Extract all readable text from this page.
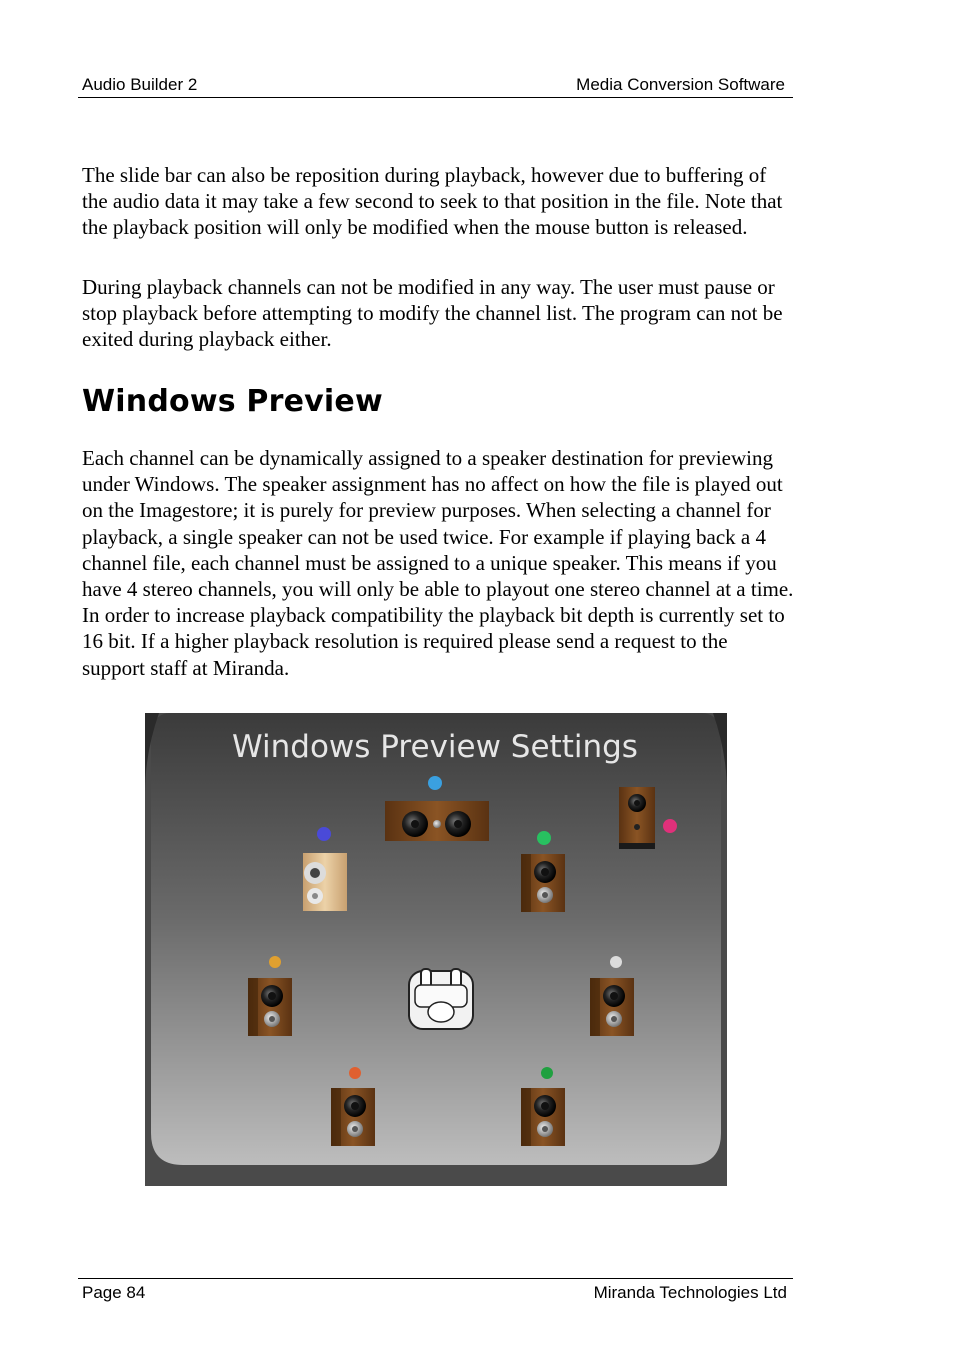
Audio Builder 2	Media Conversion Software

The slide bar can also be reposition during playback, however due to buffering of the audio data it may take a few second to seek to that position in the file. Note that the playback position will only be modified when the mouse button is released.

During playback channels can not be modified in any way. The user must pause or stop playback before attempting to modify the channel list. The program can not be exited during playback either.

Windows Preview

Each channel can be dynamically assigned to a speaker destination for previewing under Windows. The speaker assignment has no affect on how the file is played out on the Imagestore; it is purely for preview purposes. When selecting a channel for playback, a single speaker can not be used twice. For example if playing back a 4 channel file, each channel must be assigned to a unique speaker. This means if you have 4 stereo channels, you will only be able to playout one stereo channel at a time. In order to increase playback compatibility the playback bit depth is currently set to 16 bit. If a higher playback resolution is required please send a request to the support staff at Miranda.

Windows Preview Settings
Page 84	Miranda Technologies Ltd
